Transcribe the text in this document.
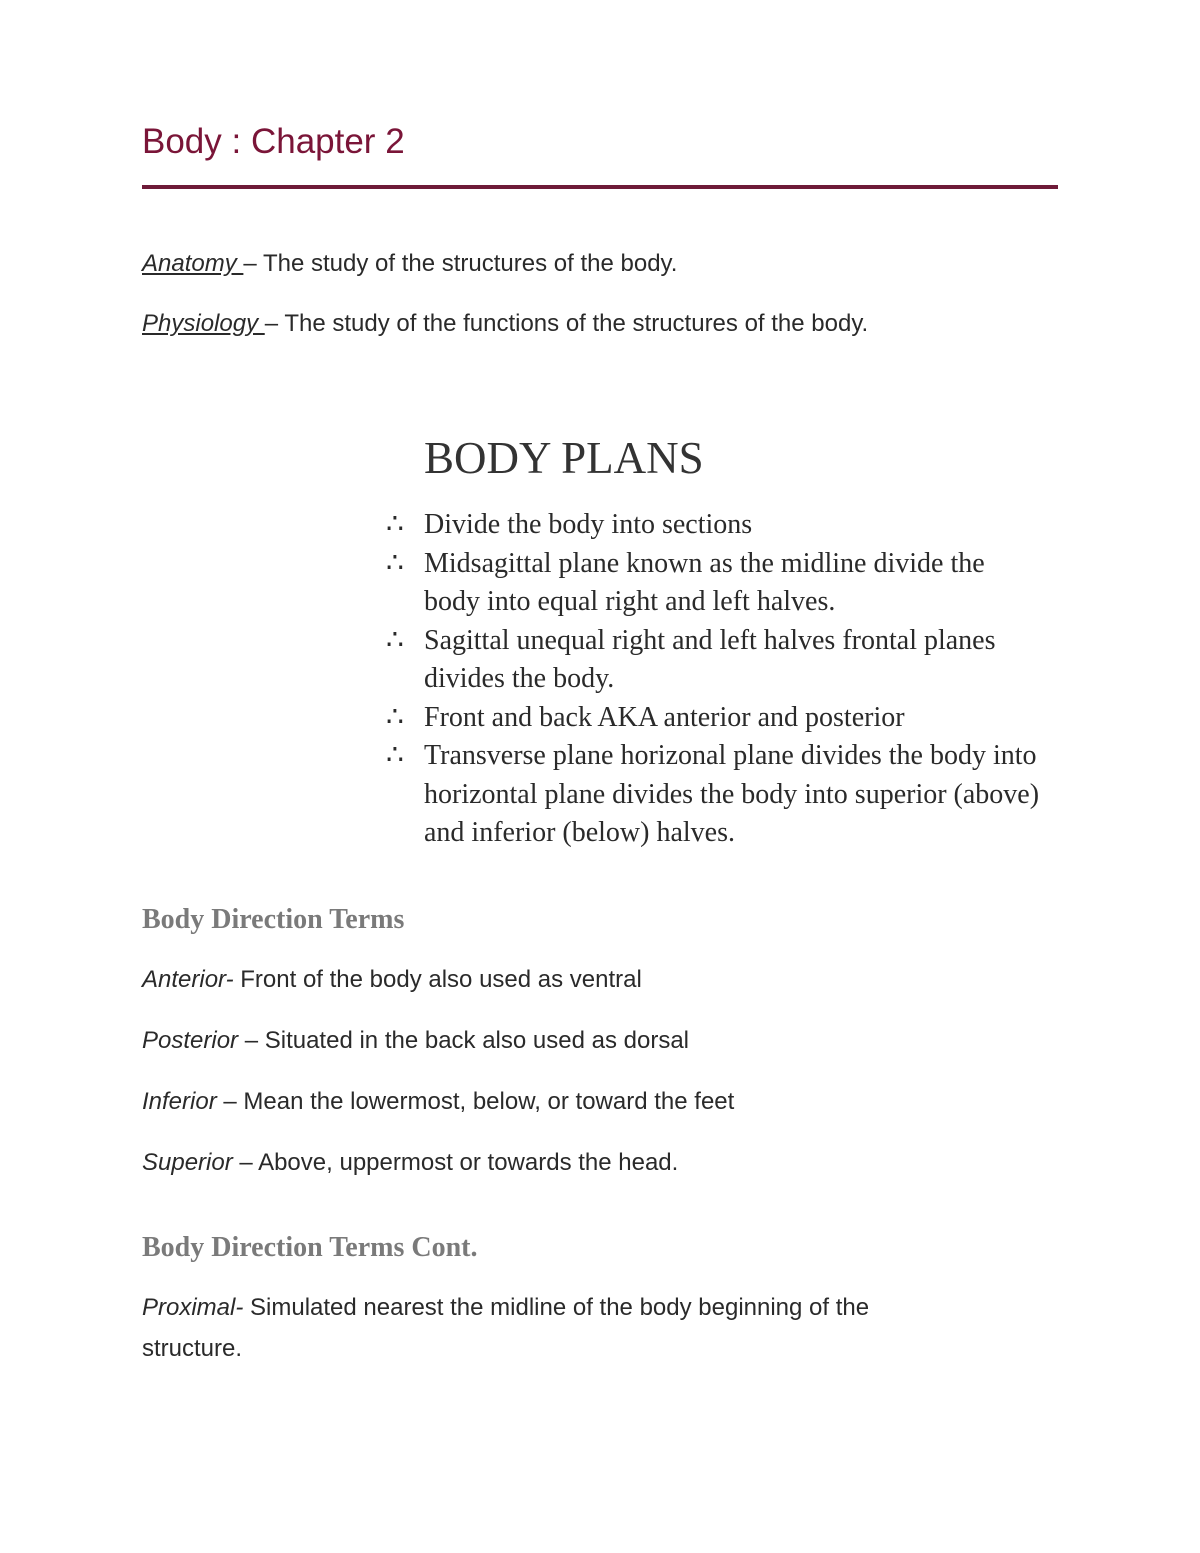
Body : Chapter 2
Anatomy – The study of the structures of the body.
Physiology – The study of the functions of the structures of the body.
BODY PLANS
∴ Divide the body into sections
∴ Midsagittal plane known as the midline divide the body into equal right and left halves.
∴ Sagittal unequal right and left halves frontal planes divides the body.
∴ Front and back AKA anterior and posterior
∴ Transverse plane horizonal plane divides the body into horizontal plane divides the body into superior (above) and inferior (below) halves.
Body Direction Terms
Anterior- Front of the body also used as ventral
Posterior – Situated in the back also used as dorsal
Inferior – Mean the lowermost, below, or toward the feet
Superior – Above, uppermost or towards the head.
Body Direction Terms Cont.
Proximal- Simulated nearest the midline of the body beginning of the
structure.
